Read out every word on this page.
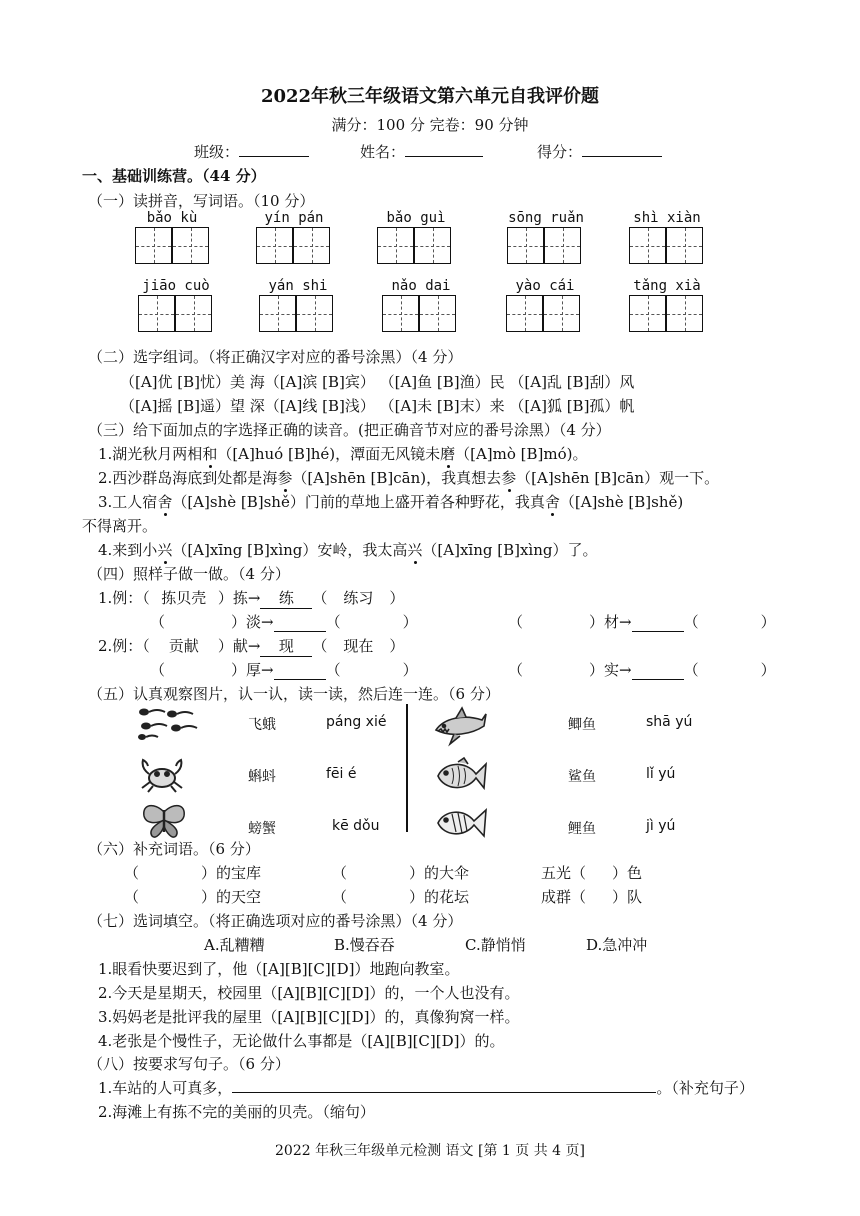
2022年秋三年级语文第六单元自我评价题
满分：100 分 完卷：90 分钟
班级：	姓名：	得分：
一、基础训练营。（44 分）
（一）读拼音，写词语。（10 分）
bǎo kù	yín pán	bǎo guì	sōng ruǎn	shì xiàn
jiāo cuò	yán shi	nǎo dai	yào cái	tǎng xià
（二）选字组词。（将正确汉字对应的番号涂黑）（4 分）
（[A]优 [B]忧）美 海（[A]滨 [B]宾） （[A]鱼 [B]渔）民 （[A]乱 [B]刮）风
（[A]摇 [B]遥）望 深（[A]线 [B]浅） （[A]未 [B]末）来 （[A]狐 [B]孤）帆
（三）给下面加点的字选择正确的读音。(把正确音节对应的番号涂黑）（4 分）
1.湖光秋月两相和（[A]huó [B]hé)，潭面无风镜未磨（[A]mò [B]mó)。
2.西沙群岛海底到处都是海参（[A]shēn [B]cān)，我真想去参（[A]shēn [B]cān）观一下。
3.工人宿舍（[A]shè [B]shě）门前的草地上盛开着各种野花，我真舍（[A]shè [B]shě)
不得离开。
4.来到小兴（[A]xīng [B]xìng）安岭，我太高兴（[A]xīng [B]xìng）了。
（四）照样子做一做。（4 分）
1.例：（ 拣贝壳 ）拣→ 练 （ 练习 ）
（	）淡→	（	）	（	）材→	（	）
2.例：（ 贡献 ）献→ 现 （ 现在 ）
（	）厚→	（	）	（	）实→	（	）
（五）认真观察图片，认一认，读一读，然后连一连。（6 分）
飞蛾
蝌蚪
螃蟹
páng xié
fēi é
kē dǒu
鲫鱼
鲨鱼
鲤鱼
shā yú
lǐ yú
jì yú
（六）补充词语。（6 分）
（	）的宝库	（	）的大伞	五光（ ）色
（	）的天空	（	）的花坛	成群（ ）队
（七）选词填空。（将正确选项对应的番号涂黑）（4 分）
A.乱糟糟	B.慢吞吞	C.静悄悄	D.急冲冲
1.眼看快要迟到了，他（[A][B][C][D]）地跑向教室。
2.今天是星期天，校园里（[A][B][C][D]）的，一个人也没有。
3.妈妈老是批评我的屋里（[A][B][C][D]）的，真像狗窝一样。
4.老张是个慢性子，无论做什么事都是（[A][B][C][D]）的。
（八）按要求写句子。（6 分）
1.车站的人可真多，	。（补充句子）
2.海滩上有拣不完的美丽的贝壳。（缩句）
2022 年秋三年级单元检测 语文 [第 1 页 共 4 页]
